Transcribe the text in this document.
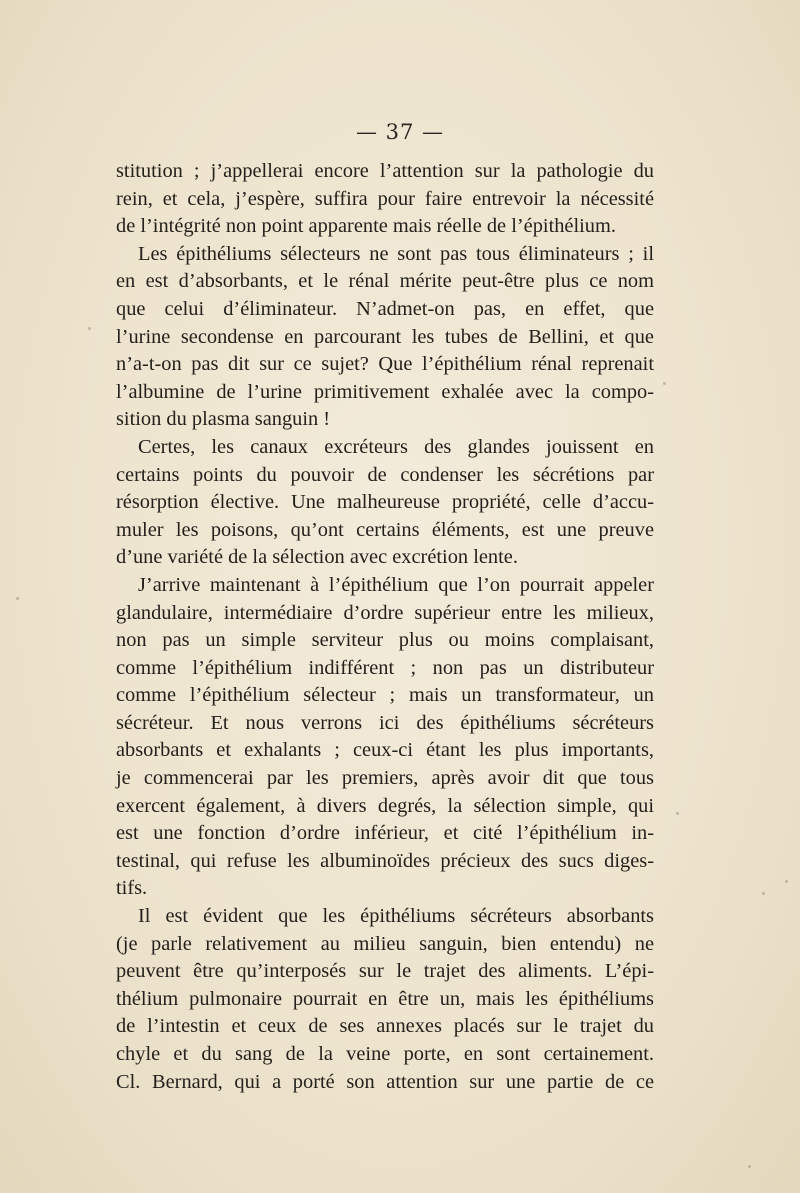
— 37 —
stitution ; j’appellerai encore l’attention sur la pathologie du
rein, et cela, j’espère, suffira pour faire entrevoir la nécessité
de l’intégrité non point apparente mais réelle de l’épithélium.
Les épithéliums sélecteurs ne sont pas tous éliminateurs ; il
en est d’absorbants, et le rénal mérite peut-être plus ce nom
que celui d’éliminateur. N’admet-on pas, en effet, que
l’urine secondense en parcourant les tubes de Bellini, et que
n’a-t-on pas dit sur ce sujet? Que l’épithélium rénal reprenait
l’albumine de l’urine primitivement exhalée avec la compo-
sition du plasma sanguin !
Certes, les canaux excréteurs des glandes jouissent en
certains points du pouvoir de condenser les sécrétions par
résorption élective. Une malheureuse propriété, celle d’accu-
muler les poisons, qu’ont certains éléments, est une preuve
d’une variété de la sélection avec excrétion lente.
J’arrive maintenant à l’épithélium que l’on pourrait appeler
glandulaire, intermédiaire d’ordre supérieur entre les milieux,
non pas un simple serviteur plus ou moins complaisant,
comme l’épithélium indifférent ; non pas un distributeur
comme l’épithélium sélecteur ; mais un transformateur, un
sécréteur. Et nous verrons ici des épithéliums sécréteurs
absorbants et exhalants ; ceux-ci étant les plus importants,
je commencerai par les premiers, après avoir dit que tous
exercent également, à divers degrés, la sélection simple, qui
est une fonction d’ordre inférieur, et cité l’épithélium in-
testinal, qui refuse les albuminoïdes précieux des sucs diges-
tifs.
Il est évident que les épithéliums sécréteurs absorbants
(je parle relativement au milieu sanguin, bien entendu) ne
peuvent être qu’interposés sur le trajet des aliments. L’épi-
thélium pulmonaire pourrait en être un, mais les épithéliums
de l’intestin et ceux de ses annexes placés sur le trajet du
chyle et du sang de la veine porte, en sont certainement.
Cl. Bernard, qui a porté son attention sur une partie de ce
